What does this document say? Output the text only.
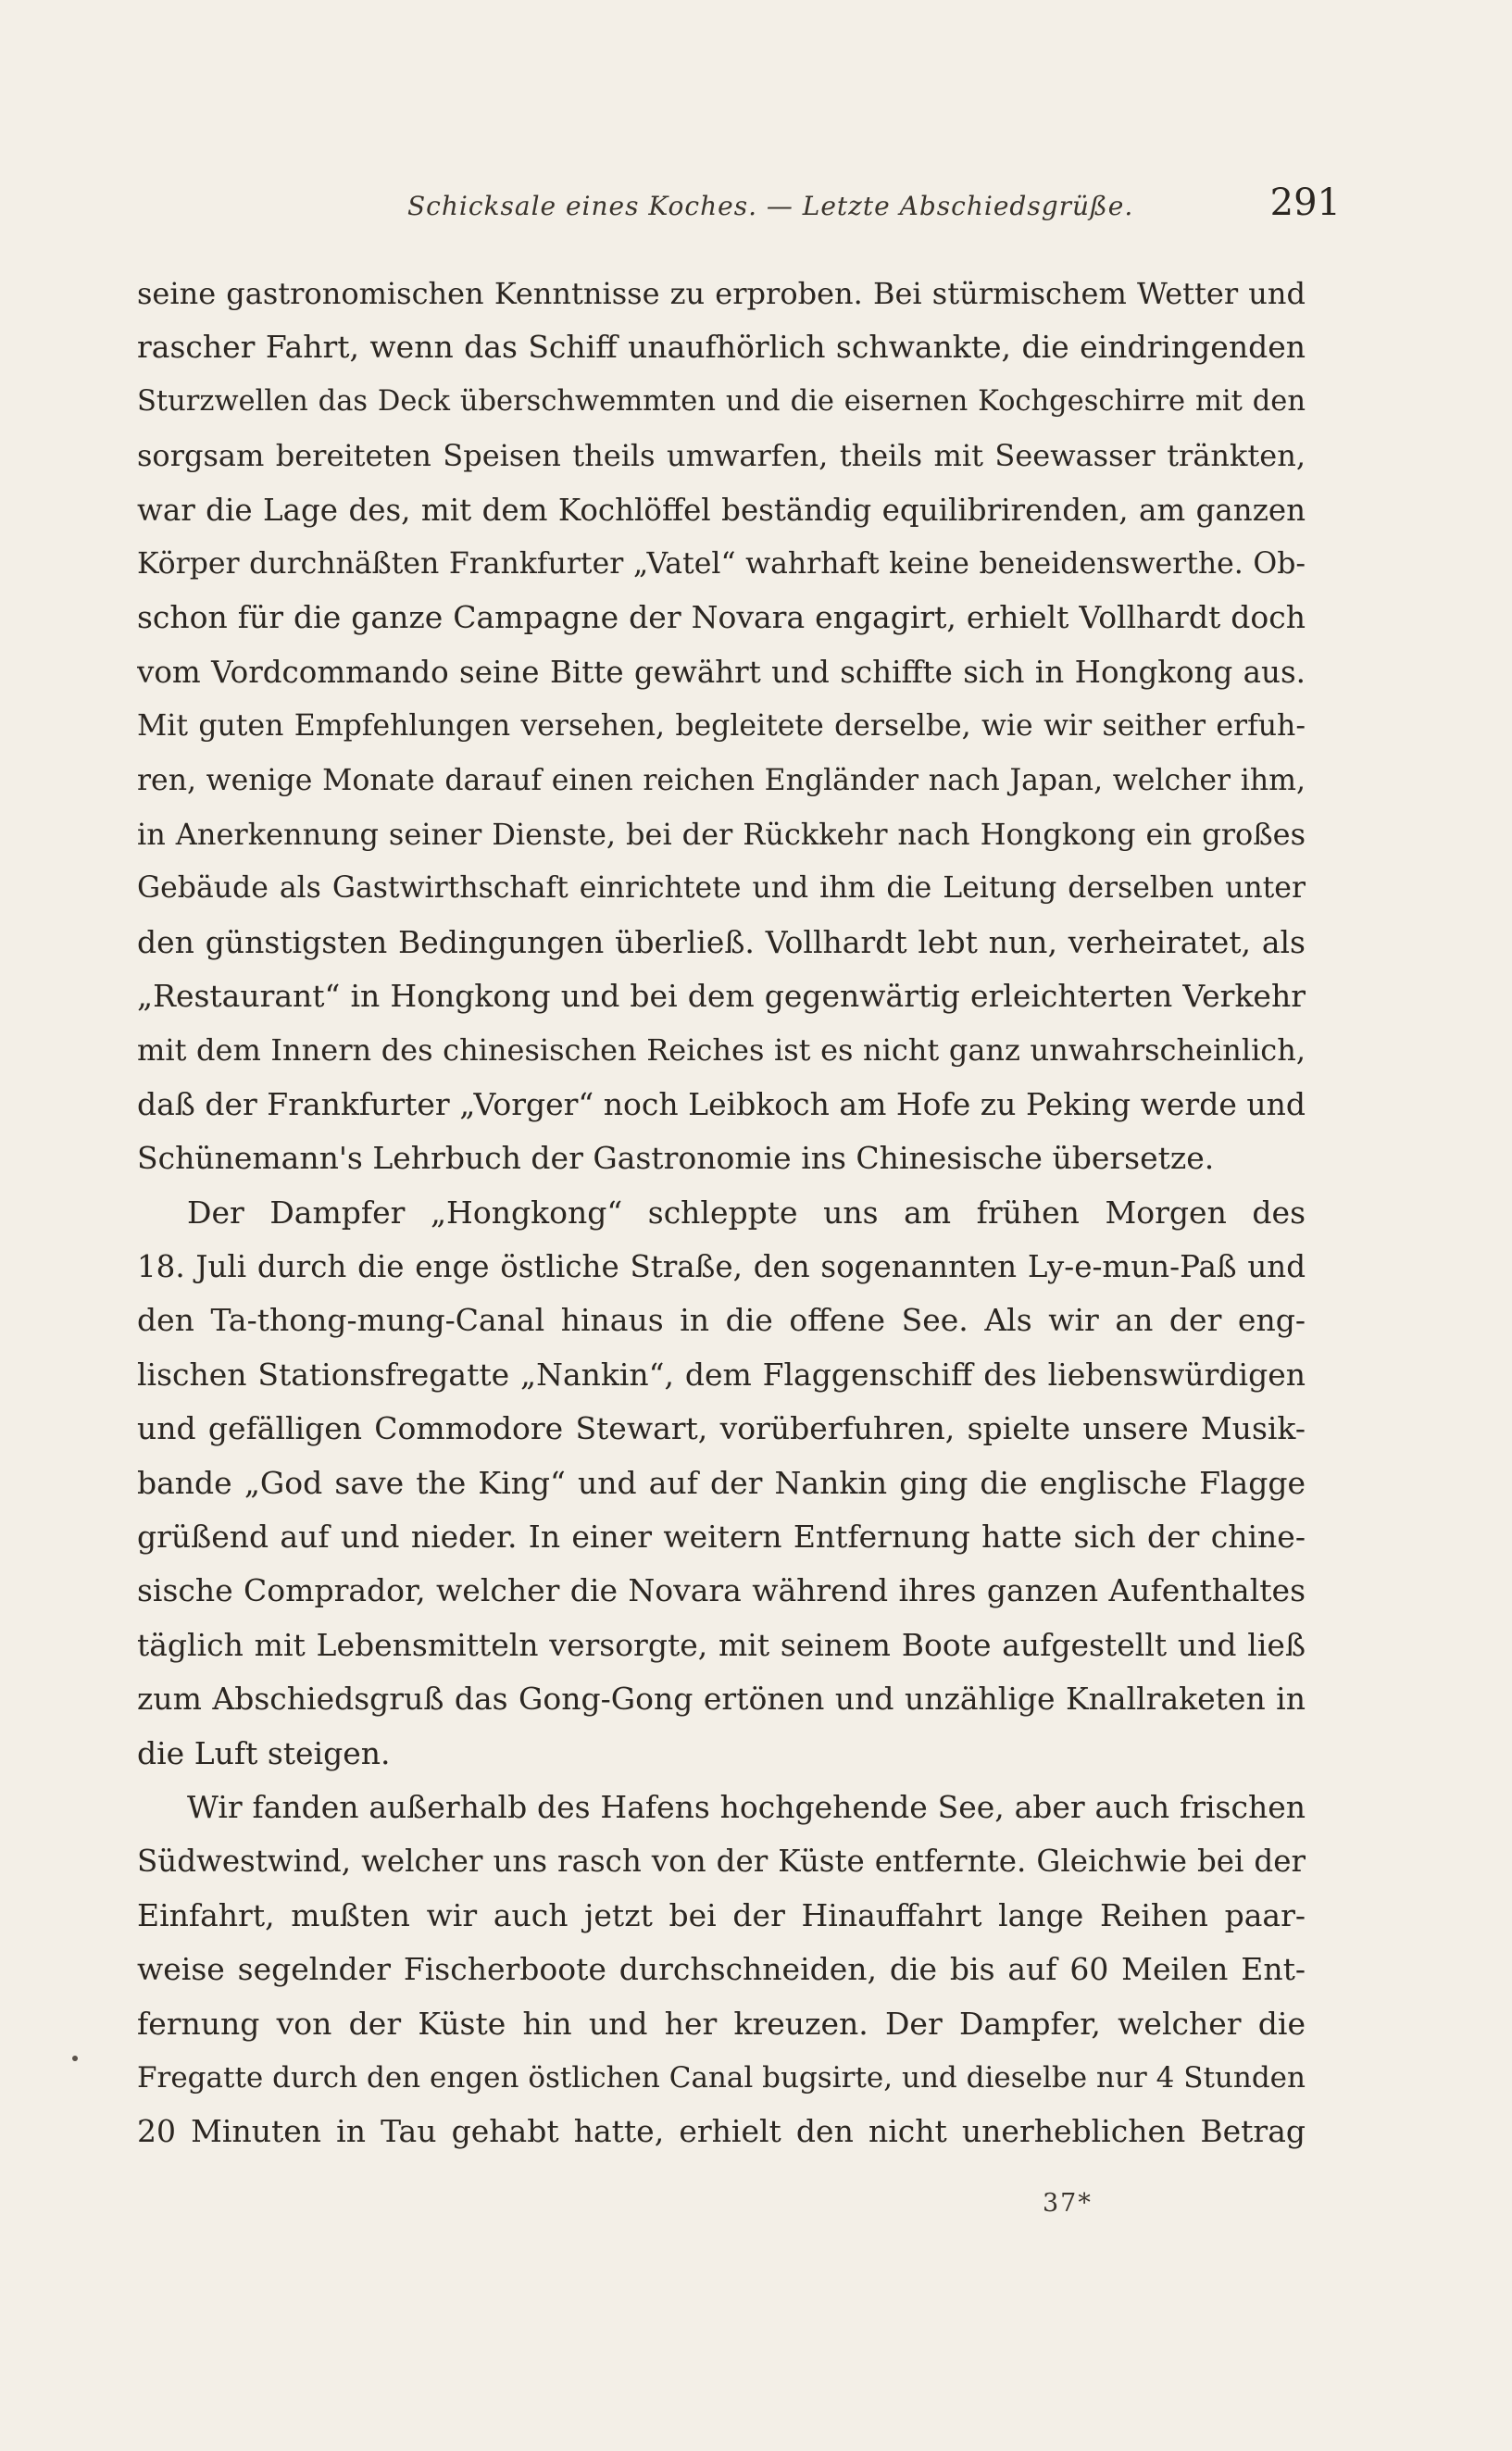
Schicksale eines Koches. — Letzte Abschiedsgrüße.	291
seine gastronomischen Kenntnisse zu erproben. Bei stürmischem Wetter und
rascher Fahrt, wenn das Schiff unaufhörlich schwankte, die eindringenden
Sturzwellen das Deck überschwemmten und die eisernen Kochgeschirre mit den
sorgsam bereiteten Speisen theils umwarfen, theils mit Seewasser tränkten,
war die Lage des, mit dem Kochlöffel beständig equilibrirenden, am ganzen
Körper durchnäßten Frankfurter „Vatel“ wahrhaft keine beneidenswerthe. Ob-
schon für die ganze Campagne der Novara engagirt, erhielt Vollhardt doch
vom Vordcommando seine Bitte gewährt und schiffte sich in Hongkong aus.
Mit guten Empfehlungen versehen, begleitete derselbe, wie wir seither erfuh-
ren, wenige Monate darauf einen reichen Engländer nach Japan, welcher ihm,
in Anerkennung seiner Dienste, bei der Rückkehr nach Hongkong ein großes
Gebäude als Gastwirthschaft einrichtete und ihm die Leitung derselben unter
den günstigsten Bedingungen überließ. Vollhardt lebt nun, verheiratet, als
„Restaurant“ in Hongkong und bei dem gegenwärtig erleichterten Verkehr
mit dem Innern des chinesischen Reiches ist es nicht ganz unwahrscheinlich,
daß der Frankfurter „Vorger“ noch Leibkoch am Hofe zu Peking werde und
Schünemann's Lehrbuch der Gastronomie ins Chinesische übersetze.
Der Dampfer „Hongkong“ schleppte uns am frühen Morgen des
18. Juli durch die enge östliche Straße, den sogenannten Ly-e-mun-Paß und
den Ta-thong-mung-Canal hinaus in die offene See. Als wir an der eng-
lischen Stationsfregatte „Nankin“, dem Flaggenschiff des liebenswürdigen
und gefälligen Commodore Stewart, vorüberfuhren, spielte unsere Musik-
bande „God save the King“ und auf der Nankin ging die englische Flagge
grüßend auf und nieder. In einer weitern Entfernung hatte sich der chine-
sische Comprador, welcher die Novara während ihres ganzen Aufenthaltes
täglich mit Lebensmitteln versorgte, mit seinem Boote aufgestellt und ließ
zum Abschiedsgruß das Gong-Gong ertönen und unzählige Knallraketen in
die Luft steigen.
Wir fanden außerhalb des Hafens hochgehende See, aber auch frischen
Südwestwind, welcher uns rasch von der Küste entfernte. Gleichwie bei der
Einfahrt, mußten wir auch jetzt bei der Hinauffahrt lange Reihen paar-
weise segelnder Fischerboote durchschneiden, die bis auf 60 Meilen Ent-
fernung von der Küste hin und her kreuzen. Der Dampfer, welcher die
Fregatte durch den engen östlichen Canal bugsirte, und dieselbe nur 4 Stunden
20 Minuten in Tau gehabt hatte, erhielt den nicht unerheblichen Betrag
37*
